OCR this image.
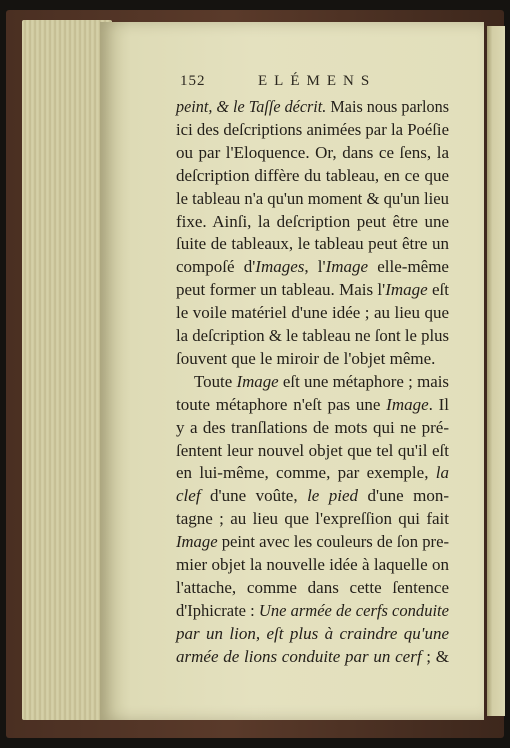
152	ELÉMENS
peint, & le Taſſe décrit. Mais nous parlons
ici des deſcriptions animées par la Poéſie
ou par l'Eloquence. Or, dans ce ſens, la
deſcription diffère du tableau, en ce que
le tableau n'a qu'un moment & qu'un lieu
fixe. Ainſi, la deſcription peut être une
ſuite de tableaux, le tableau peut être un
compoſé d'Images, l'Image elle-même
peut former un tableau. Mais l'Image eſt
le voile matériel d'une idée ; au lieu que
la deſcription & le tableau ne ſont le plus
ſouvent que le miroir de l'objet même.
Toute Image eſt une métaphore ; mais
toute métaphore n'eſt pas une Image. Il
y a des tranſlations de mots qui ne pré-
ſentent leur nouvel objet que tel qu'il eſt
en lui-même, comme, par exemple, la
clef d'une voûte, le pied d'une mon-
tagne ; au lieu que l'expreſſion qui fait
Image peint avec les couleurs de ſon pre-
mier objet la nouvelle idée à laquelle on
l'attache, comme dans cette ſentence
d'Iphicrate : Une armée de cerfs conduite
par un lion, eſt plus à craindre qu'une
armée de lions conduite par un cerf ; &
